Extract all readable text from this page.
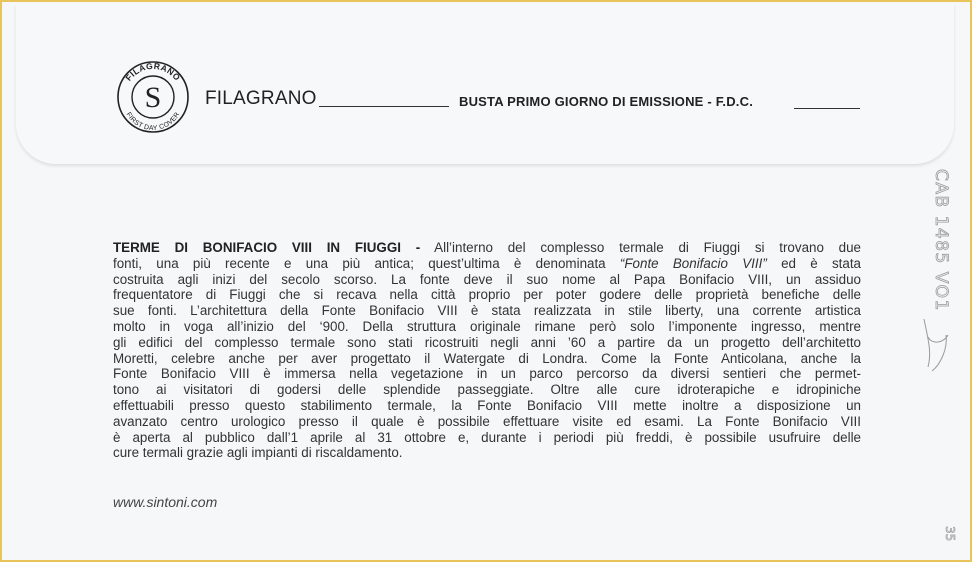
FILAGRANO
FIRST DAY COVER
S FILAGRANO	BUSTA PRIMO GIORNO DI EMISSIONE - F.D.C.
TERME DI BONIFACIO VIII IN FIUGGI - All’interno del complesso termale di Fiuggi si trovano due
fonti, una più recente e una più antica; quest’ultima è denominata “Fonte Bonifacio VIII” ed è stata
costruita agli inizi del secolo scorso. La fonte deve il suo nome al Papa Bonifacio VIII, un assiduo
frequentatore di Fiuggi che si recava nella città proprio per poter godere delle proprietà benefiche delle
sue fonti. L’architettura della Fonte Bonifacio VIII è stata realizzata in stile liberty, una corrente artistica
molto in voga all’inizio del ‘900. Della struttura originale rimane però solo l’imponente ingresso, mentre
gli edifici del complesso termale sono stati ricostruiti negli anni ’60 a partire da un progetto dell’architetto
Moretti, celebre anche per aver progettato il Watergate di Londra. Come la Fonte Anticolana, anche la
Fonte Bonifacio VIII è immersa nella vegetazione in un parco percorso da diversi sentieri che permet-
tono ai visitatori di godersi delle splendide passeggiate. Oltre alle cure idroterapiche e idropiniche
effettuabili presso questo stabilimento termale, la Fonte Bonifacio VIII mette inoltre a disposizione un
avanzato centro urologico presso il quale è possibile effettuare visite ed esami. La Fonte Bonifacio VIII
è aperta al pubblico dall’1 aprile al 31 ottobre e, durante i periodi più freddi, è possibile usufruire delle
cure termali grazie agli impianti di riscaldamento.
www.sintoni.com
CAB 1485 VO1
35
